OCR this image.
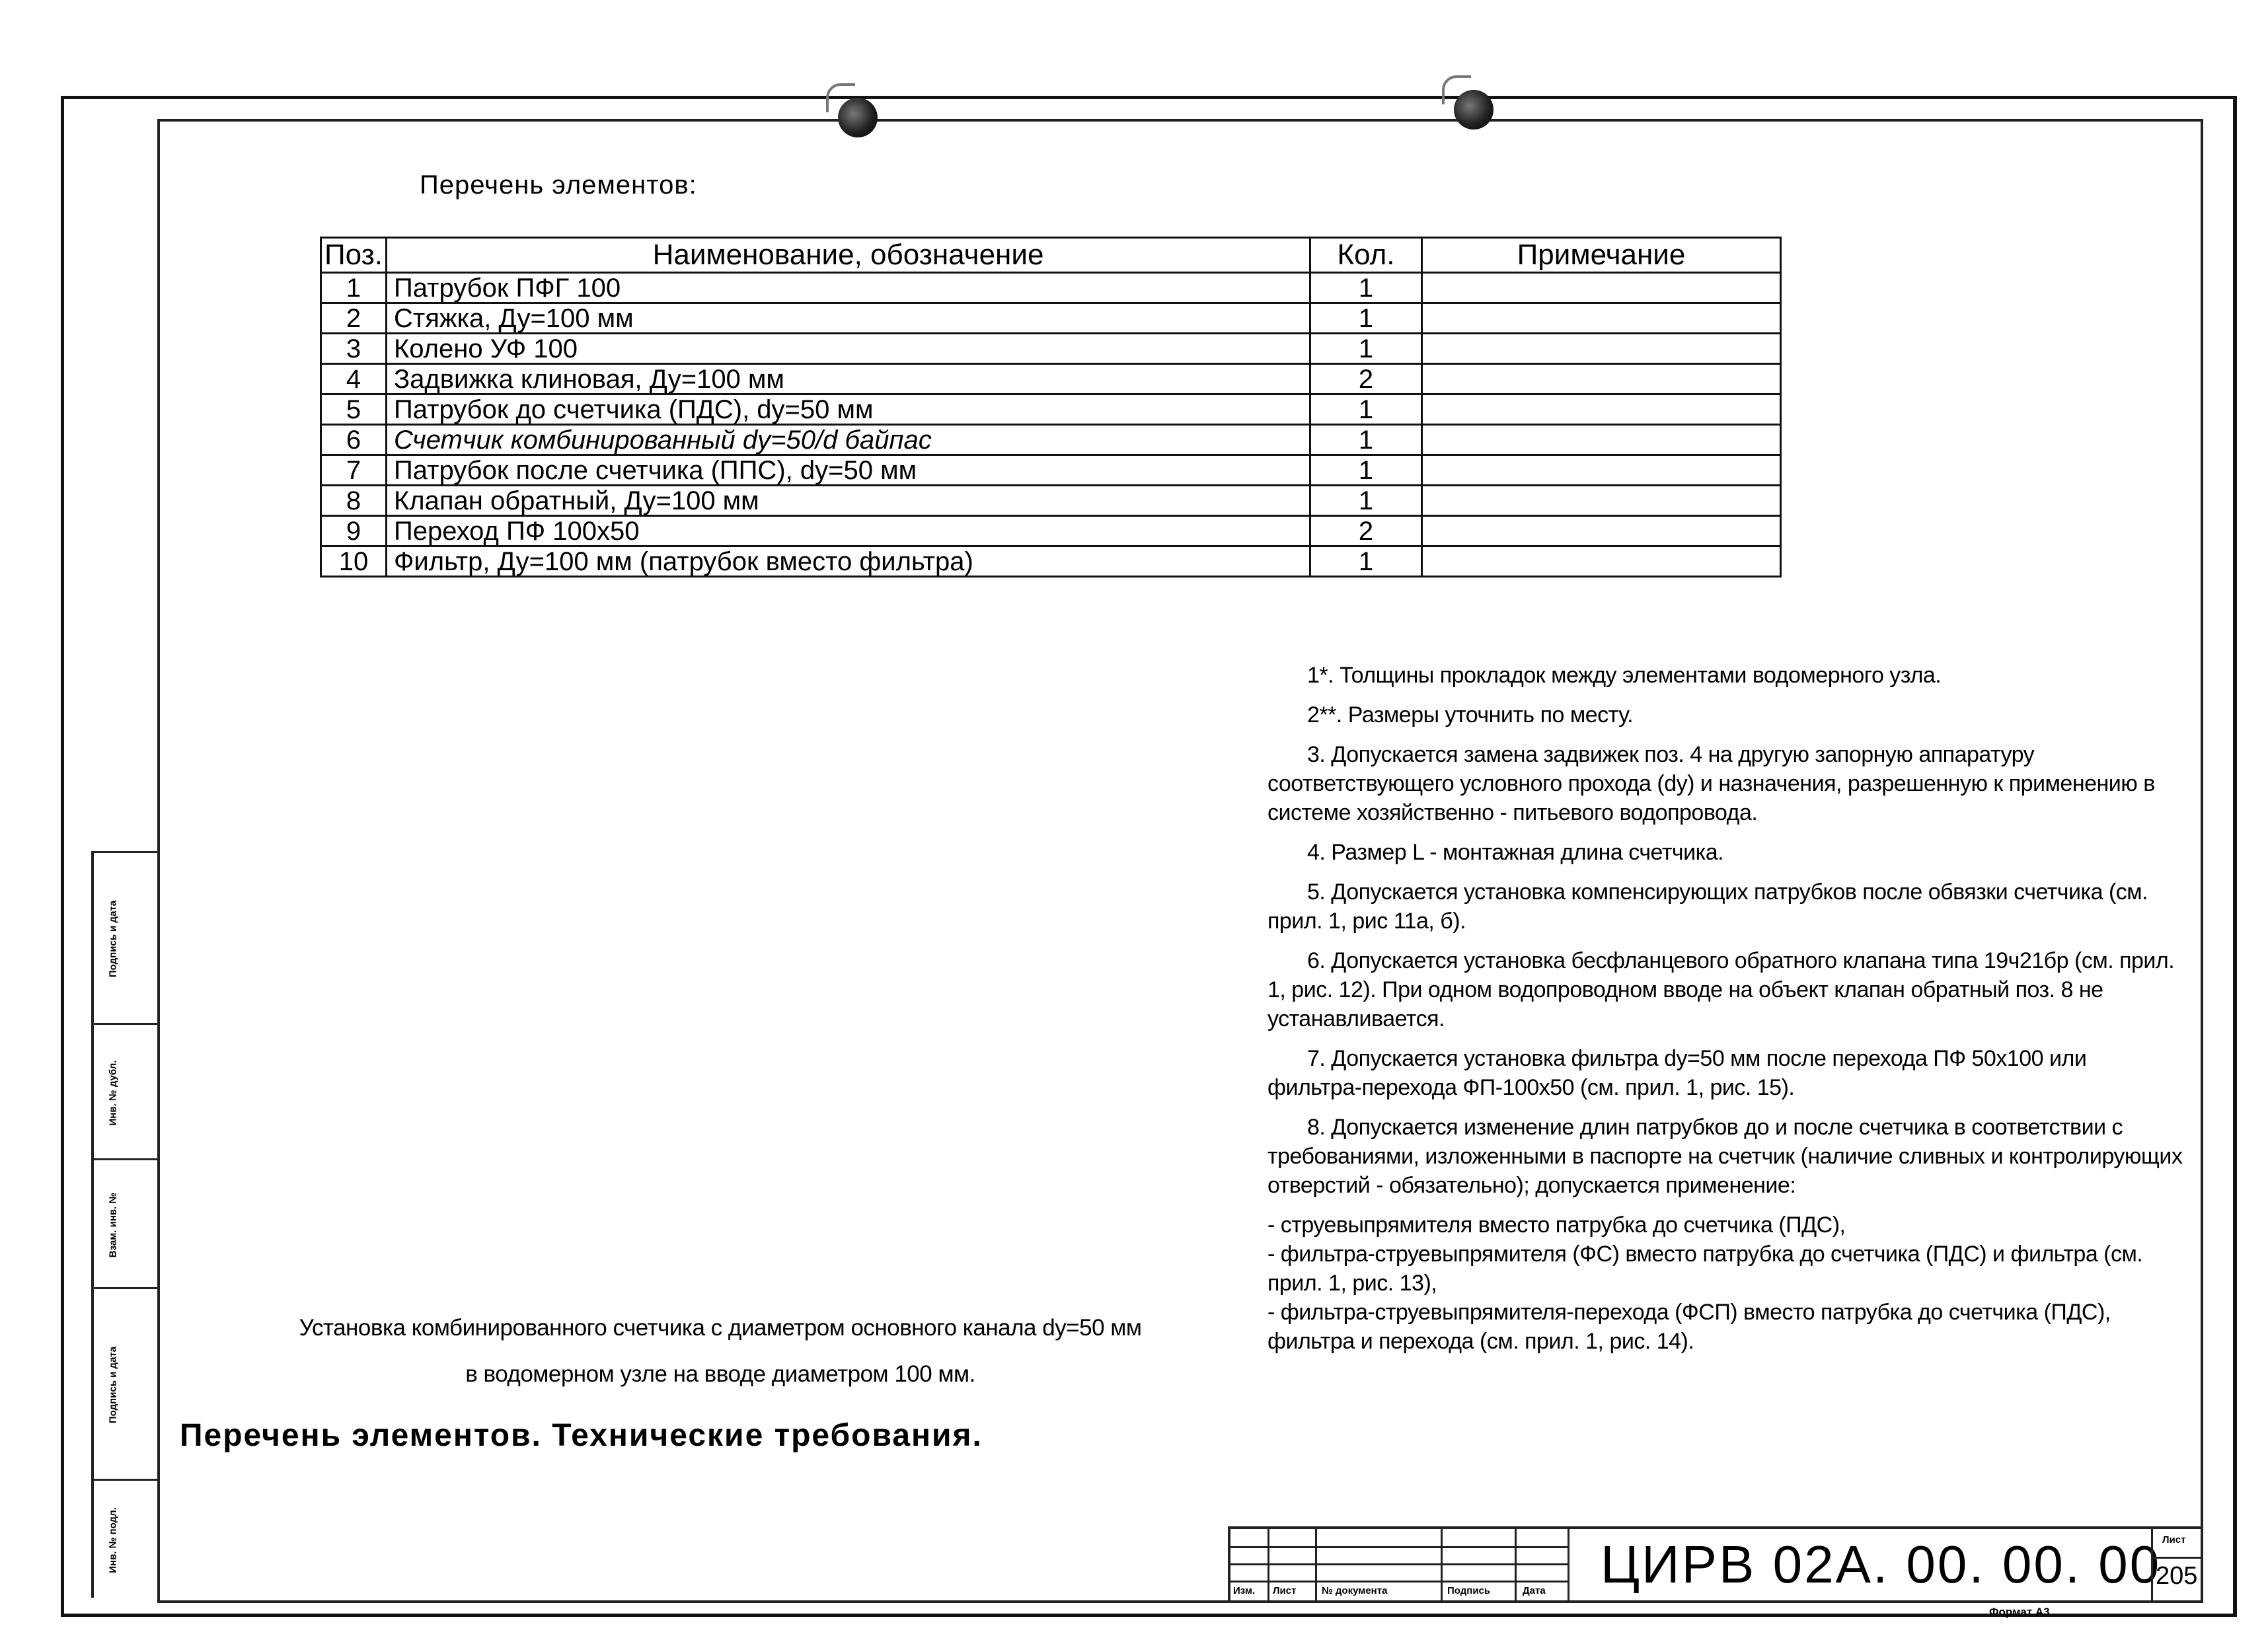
Подпись и дата
Инв. № дубл.
Взам. инв. №
Подпись и дата
Инв. № подл.
Перечень элементов:
Поз.	Наименование, обозначение	Кол.	Примечание
1	Патрубок ПФГ 100	1	
2	Стяжка, Ду=100 мм	1	
3	Колено УФ 100	1	
4	Задвижка клиновая, Ду=100 мм	2	
5	Патрубок до счетчика (ПДС), dy=50 мм	1	
6	Счетчик комбинированный dy=50/d байпас	1	
7	Патрубок после счетчика (ППС), dy=50 мм	1	
8	Клапан обратный, Ду=100 мм	1	
9	Переход ПФ 100х50	2	
10	Фильтр, Ду=100 мм (патрубок вместо фильтра)	1	

1*. Толщины прокладок между элементами водомерного узла.

2**. Размеры уточнить по месту.

3. Допускается замена задвижек поз. 4 на другую запорную аппаратуру соответствующего условного прохода (dy) и назначения, разрешенную к применению в системе хозяйственно - питьевого водопровода.

4. Размер L - монтажная длина счетчика.

5. Допускается установка компенсирующих патрубков после обвязки счетчика (см. прил. 1, рис 11а, б).

6. Допускается установка бесфланцевого обратного клапана типа 19ч21бр (см. прил. 1, рис. 12). При одном водопроводном вводе на объект клапан обратный поз. 8 не устанавливается.

7. Допускается установка фильтра dy=50 мм после перехода ПФ 50х100 или фильтра-перехода ФП-100х50 (см. прил. 1, рис. 15).

8. Допускается изменение длин патрубков до и после счетчика в соответствии с требованиями, изложенными в паспорте на счетчик (наличие сливных и контролирующих отверстий - обязательно); допускается применение:

- струевыпрямителя вместо патрубка до счетчика (ПДС),

- фильтра-струевыпрямителя (ФС) вместо патрубка до счетчика (ПДС) и фильтра (см. прил. 1, рис. 13),

- фильтра-струевыпрямителя-перехода (ФСП) вместо патрубка до счетчика (ПДС), фильтра и перехода (см. прил. 1, рис. 14).

Установка комбинированного счетчика с диаметром основного канала dy=50 мм
в водомерном узле на вводе диаметром 100 мм.
Перечень элементов. Технические требования.
Изм. Лист	№ документа	Подпись	Дата ЦИРВ 02А. 00. 00. 00 Лист
205
Формат А3
